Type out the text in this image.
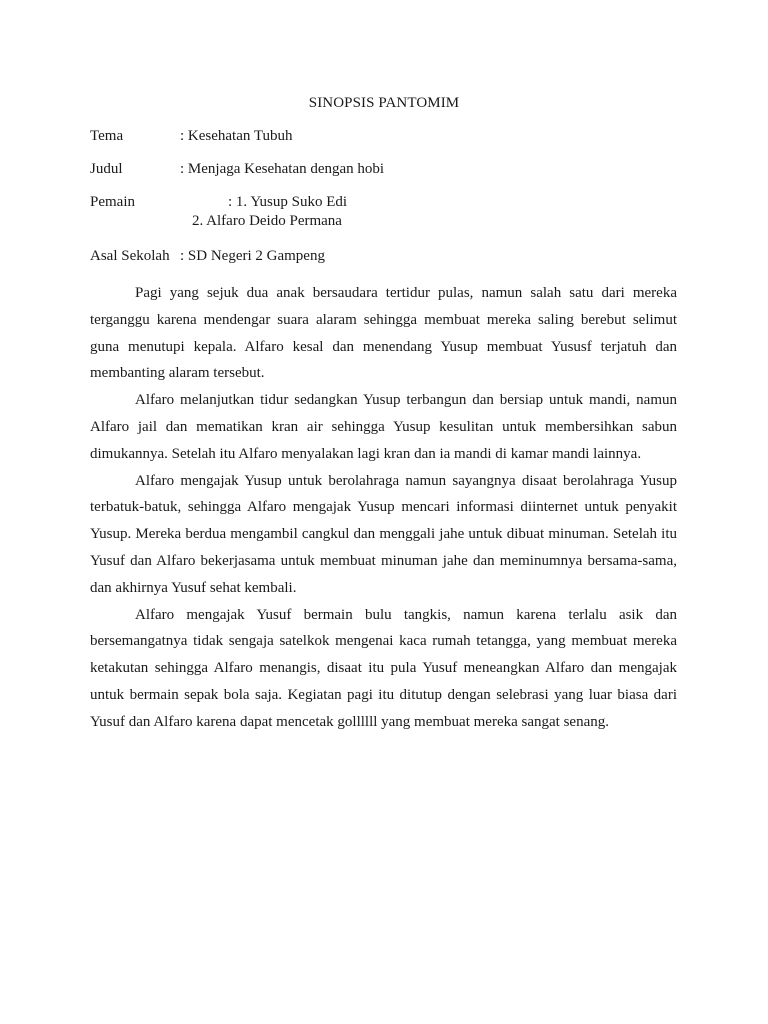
SINOPSIS PANTOMIM
Tema	: Kesehatan Tubuh
Judul	: Menjaga Kesehatan dengan hobi
Pemain	: 1. Yusup Suko Edi
2. Alfaro Deido Permana
Asal Sekolah : SD Negeri 2 Gampeng

Pagi yang sejuk dua anak bersaudara tertidur pulas, namun salah satu dari mereka terganggu karena mendengar suara alaram sehingga membuat mereka saling berebut selimut guna menutupi kepala. Alfaro kesal dan menendang Yusup membuat Yususf terjatuh dan membanting alaram tersebut.

Alfaro melanjutkan tidur sedangkan Yusup terbangun dan bersiap untuk mandi, namun Alfaro jail dan mematikan kran air sehingga Yusup kesulitan untuk membersihkan sabun dimukannya. Setelah itu Alfaro menyalakan lagi kran dan ia mandi di kamar mandi lainnya.

Alfaro mengajak Yusup untuk berolahraga namun sayangnya disaat berolahraga Yusup terbatuk-batuk, sehingga Alfaro mengajak Yusup mencari informasi diinternet untuk penyakit Yusup. Mereka berdua mengambil cangkul dan menggali jahe untuk dibuat minuman. Setelah itu Yusuf dan Alfaro bekerjasama untuk membuat minuman jahe dan meminumnya bersama-sama, dan akhirnya Yusuf sehat kembali.

Alfaro mengajak Yusuf bermain bulu tangkis, namun karena terlalu asik dan bersemangatnya tidak sengaja satelkok mengenai kaca rumah tetangga, yang membuat mereka ketakutan sehingga Alfaro menangis, disaat itu pula Yusuf meneangkan Alfaro dan mengajak untuk bermain sepak bola saja. Kegiatan pagi itu ditutup dengan selebrasi yang luar biasa dari Yusuf dan Alfaro karena dapat mencetak gollllll yang membuat mereka sangat senang.
